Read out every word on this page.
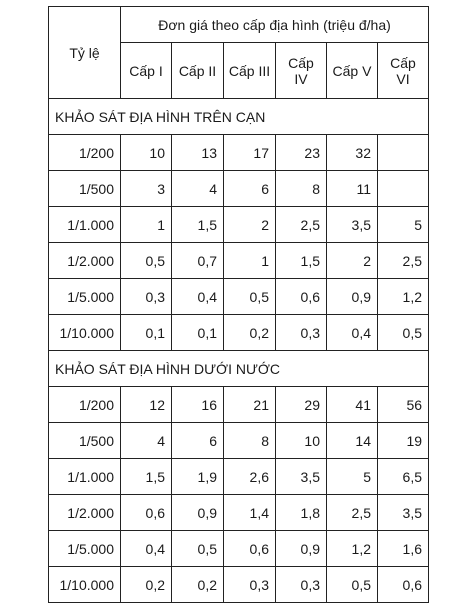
Tỷ lệ	Đơn giá theo cấp địa hình (triệu đ/ha)					
	Cấp I	Cấp II	Cấp III	Cấp IV	Cấp V	Cấp VI
KHẢO SÁT ĐỊA HÌNH TRÊN CẠN						
1/200	10	13	17	23	32	
1/500	3	4	6	8	11	
1/1.000	1	1,5	2	2,5	3,5	5
1/2.000	0,5	0,7	1	1,5	2	2,5
1/5.000	0,3	0,4	0,5	0,6	0,9	1,2
1/10.000	0,1	0,1	0,2	0,3	0,4	0,5
KHẢO SÁT ĐỊA HÌNH DƯỚI NƯỚC						
1/200	12	16	21	29	41	56
1/500	4	6	8	10	14	19
1/1.000	1,5	1,9	2,6	3,5	5	6,5
1/2.000	0,6	0,9	1,4	1,8	2,5	3,5
1/5.000	0,4	0,5	0,6	0,9	1,2	1,6
1/10.000	0,2	0,2	0,3	0,3	0,5	0,6
